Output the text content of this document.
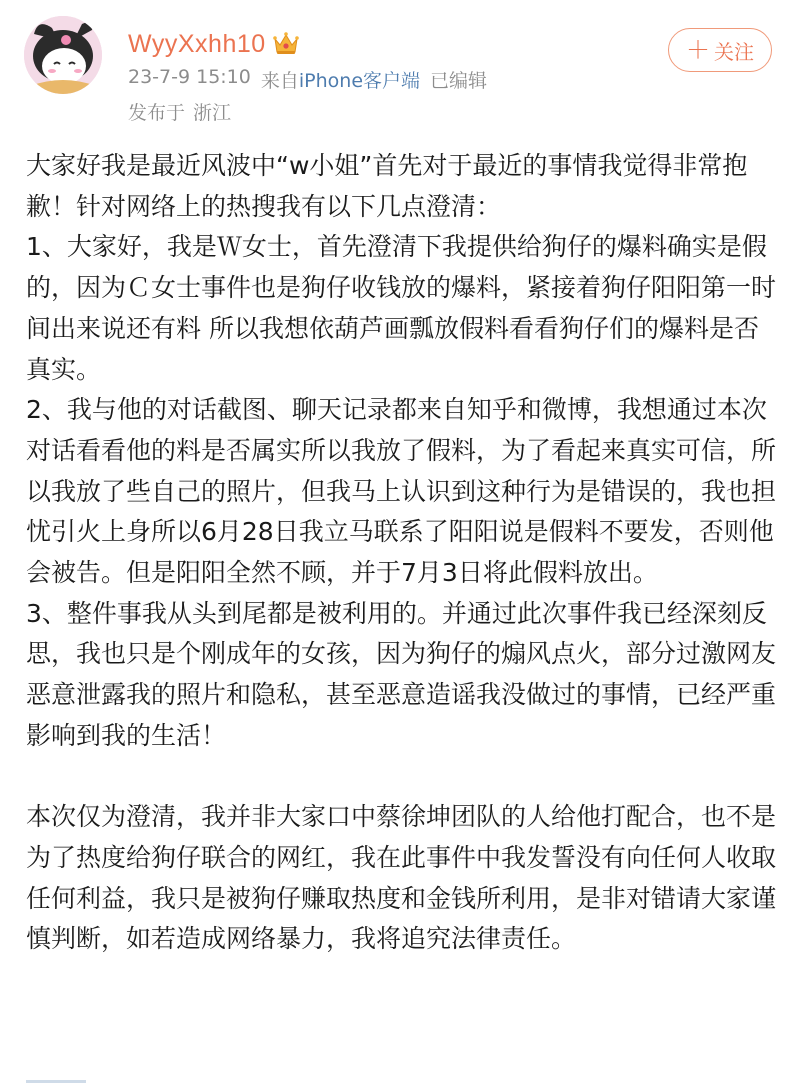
WyyXxhh10
23-7-9 15:10 来自iPhone客户端 已编辑
发布于 浙江
＋ 关注

大家好我是最近风波中“w小姐”首先对于最近的事情我觉得非常抱歉！针对网络上的热搜我有以下几点澄清：

1、大家好，我是Ｗ女士，首先澄清下我提供给狗仔的爆料确实是假的，因为Ｃ女士事件也是狗仔收钱放的爆料，紧接着狗仔阳阳第一时间出来说还有料 所以我想依葫芦画瓢放假料看看狗仔们的爆料是否真实。

2、我与他的对话截图、聊天记录都来自知乎和微博，我想通过本次对话看看他的料是否属实所以我放了假料，为了看起来真实可信，所以我放了些自己的照片，但我马上认识到这种行为是错误的，我也担忧引火上身所以6月28日我立马联系了阳阳说是假料不要发，否则他会被告。但是阳阳全然不顾，并于7月3日将此假料放出。

3、整件事我从头到尾都是被利用的。并通过此次事件我已经深刻反思，我也只是个刚成年的女孩，因为狗仔的煽风点火，部分过激网友恶意泄露我的照片和隐私，甚至恶意造谣我没做过的事情，已经严重影响到我的生活！

本次仅为澄清，我并非大家口中蔡徐坤团队的人给他打配合，也不是为了热度给狗仔联合的网红，我在此事件中我发誓没有向任何人收取任何利益，我只是被狗仔赚取热度和金钱所利用，是非对错请大家谨慎判断，如若造成网络暴力，我将追究法律责任。
